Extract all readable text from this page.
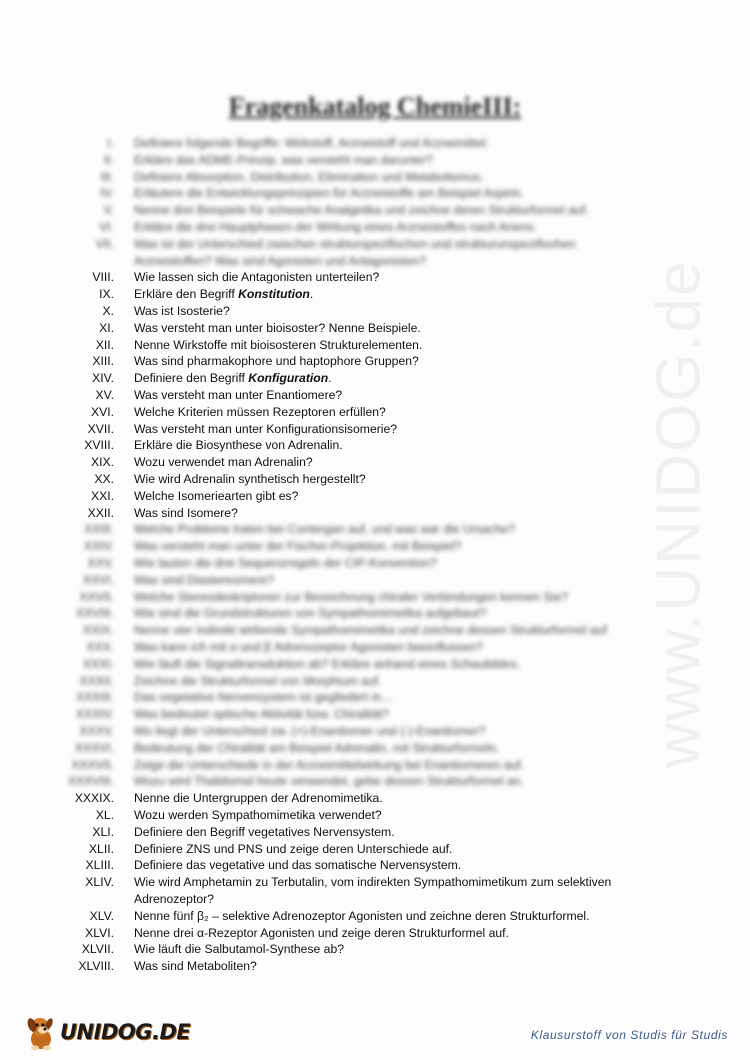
Fragenkatalog ChemieIII:
www.UNIDOG.de
I. Definiere folgende Begriffe: Wirkstoff, Arzneistoff und Arzneimittel.
II. Erkläre das ADME-Prinzip, was versteht man darunter?
III. Definiere Absorption, Distribution, Elimination und Metabolismus.
IV. Erläutere die Entwicklungsprinzipien für Arzneistoffe am Beispiel Aspirin.
V. Nenne drei Beispiele für schwache Analgetika und zeichne deren Strukturformel auf.
VI. Erkläre die drei Hauptphasen der Wirkung eines Arzneistoffes nach Ariens.
VII. Was ist der Unterschied zwischen strukturspezifischen und strukturunspezifischen Arzneistoffen? Was sind Agonisten und Antagonisten?
VIII. Wie lassen sich die Antagonisten unterteilen?
IX. Erkläre den Begriff Konstitution.
X. Was ist Isosterie?
XI. Was versteht man unter bioisoster? Nenne Beispiele.
XII. Nenne Wirkstoffe mit bioisosteren Strukturelementen.
XIII. Was sind pharmakophore und haptophore Gruppen?
XIV. Definiere den Begriff Konfiguration.
XV. Was versteht man unter Enantiomere?
XVI. Welche Kriterien müssen Rezeptoren erfüllen?
XVII. Was versteht man unter Konfigurationsisomerie?
XVIII. Erkläre die Biosynthese von Adrenalin.
XIX. Wozu verwendet man Adrenalin?
XX. Wie wird Adrenalin synthetisch hergestellt?
XXI. Welche Isomeriearten gibt es?
XXII. Was sind Isomere?
XXIII. Welche Probleme traten bei Contergan auf, und was war die Ursache?
XXIV. Was versteht man unter der Fischer-Projektion, mit Beispiel?
XXV. Wie lauten die drei Sequenzregeln der CIP-Konvention?
XXVI. Was sind Diastereomere?
XXVII. Welche Stereodeskriptoren zur Bezeichnung chiraler Verbindungen kennen Sie?
XXVIII. Wie sind die Grundstrukturen von Sympathomimetika aufgebaut?
XXIX. Nenne vier indirekt wirkende Sympathomimetika und zeichne dessen Strukturformel auf
XXX. Was kann ich mit α und β Adrenozeptor Agonisten beeinflussen?
XXXI. Wie läuft die Signaltransduktion ab? Erkläre anhand eines Schaubildes.
XXXII. Zeichne die Strukturformel von Morphium auf.
XXXIII. Das vegetative Nervensystem ist gegliedert in…
XXXIV. Was bedeutet optische Aktivität bzw. Chiralität?
XXXV. Wo liegt der Unterschied zw. (+)-Enantiomer und (-)-Enantiomer?
XXXVI. Bedeutung der Chiralität am Beispiel Adrenalin, mit Strukturformeln.
XXXVII. Zeige die Unterschiede in der Arzneimittelwirkung bei Enantiomeren auf.
XXXVIII. Wozu wird Thalidomid heute verwendet, gebe dessen Strukturformel an.
XXXIX. Nenne die Untergruppen der Adrenomimetika.
XL. Wozu werden Sympathomimetika verwendet?
XLI. Definiere den Begriff vegetatives Nervensystem.
XLII. Definiere ZNS und PNS und zeige deren Unterschiede auf.
XLIII. Definiere das vegetative und das somatische Nervensystem.
XLIV. Wie wird Amphetamin zu Terbutalin, vom indirekten Sympathomimetikum zum selektiven Adrenozeptor?
XLV. Nenne fünf β₂ – selektive Adrenozeptor Agonisten und zeichne deren Strukturformel.
XLVI. Nenne drei α-Rezeptor Agonisten und zeige deren Strukturformel auf.
XLVII. Wie läuft die Salbutamol-Synthese ab?
XLVIII. Was sind Metaboliten?
UNIDOG.DE	Klausurstoff von Studis für Studis
